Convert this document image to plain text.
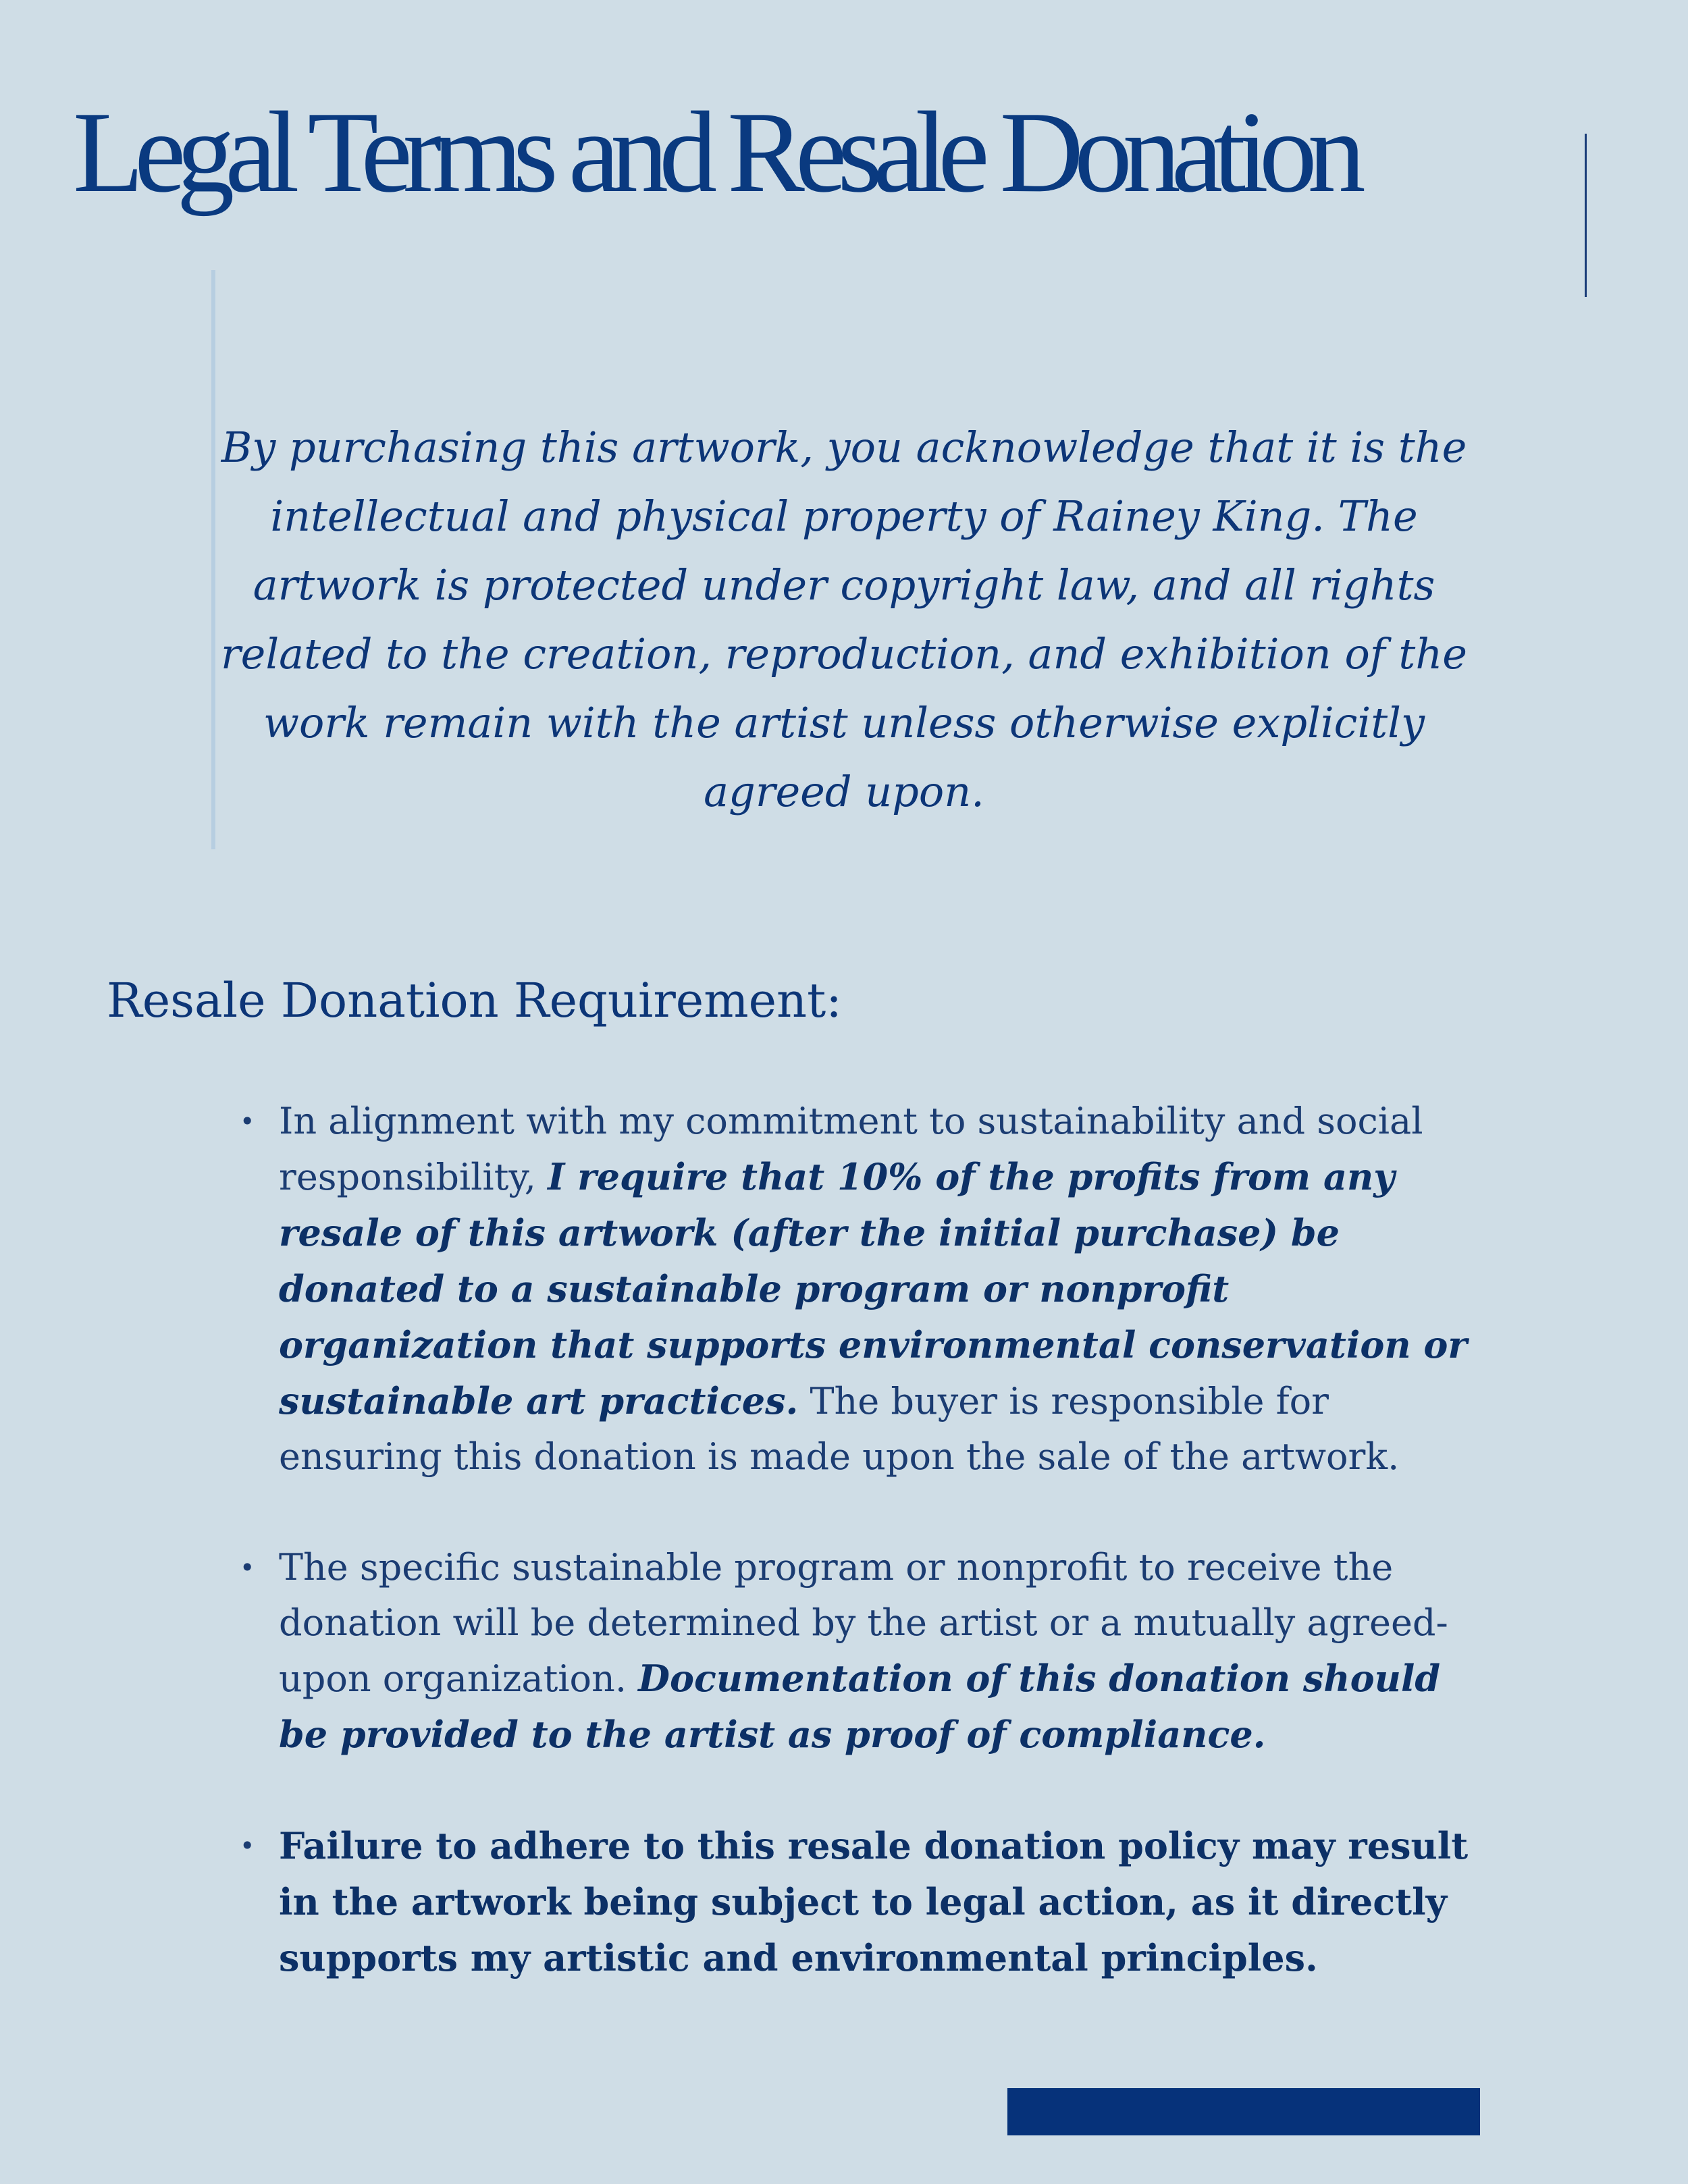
Legal Terms and Resale Donation

By purchasing this artwork, you acknowledge that it is the intellectual and physical property of Rainey King. The artwork is protected under copyright law, and all rights related to the creation, reproduction, and exhibition of the work remain with the artist unless otherwise explicitly agreed upon.

Resale Donation Requirement:
• In alignment with my commitment to sustainability and social responsibility, I require that 10% of the profits from any resale of this artwork (after the initial purchase) be donated to a sustainable program or nonprofit organization that supports environmental conservation or sustainable art practices. The buyer is responsible for ensuring this donation is made upon the sale of the artwork.
• The specific sustainable program or nonprofit to receive the donation will be determined by the artist or a mutually agreed-upon organization. Documentation of this donation should be provided to the artist as proof of compliance.
• Failure to adhere to this resale donation policy may result in the artwork being subject to legal action, as it directly supports my artistic and environmental principles.
